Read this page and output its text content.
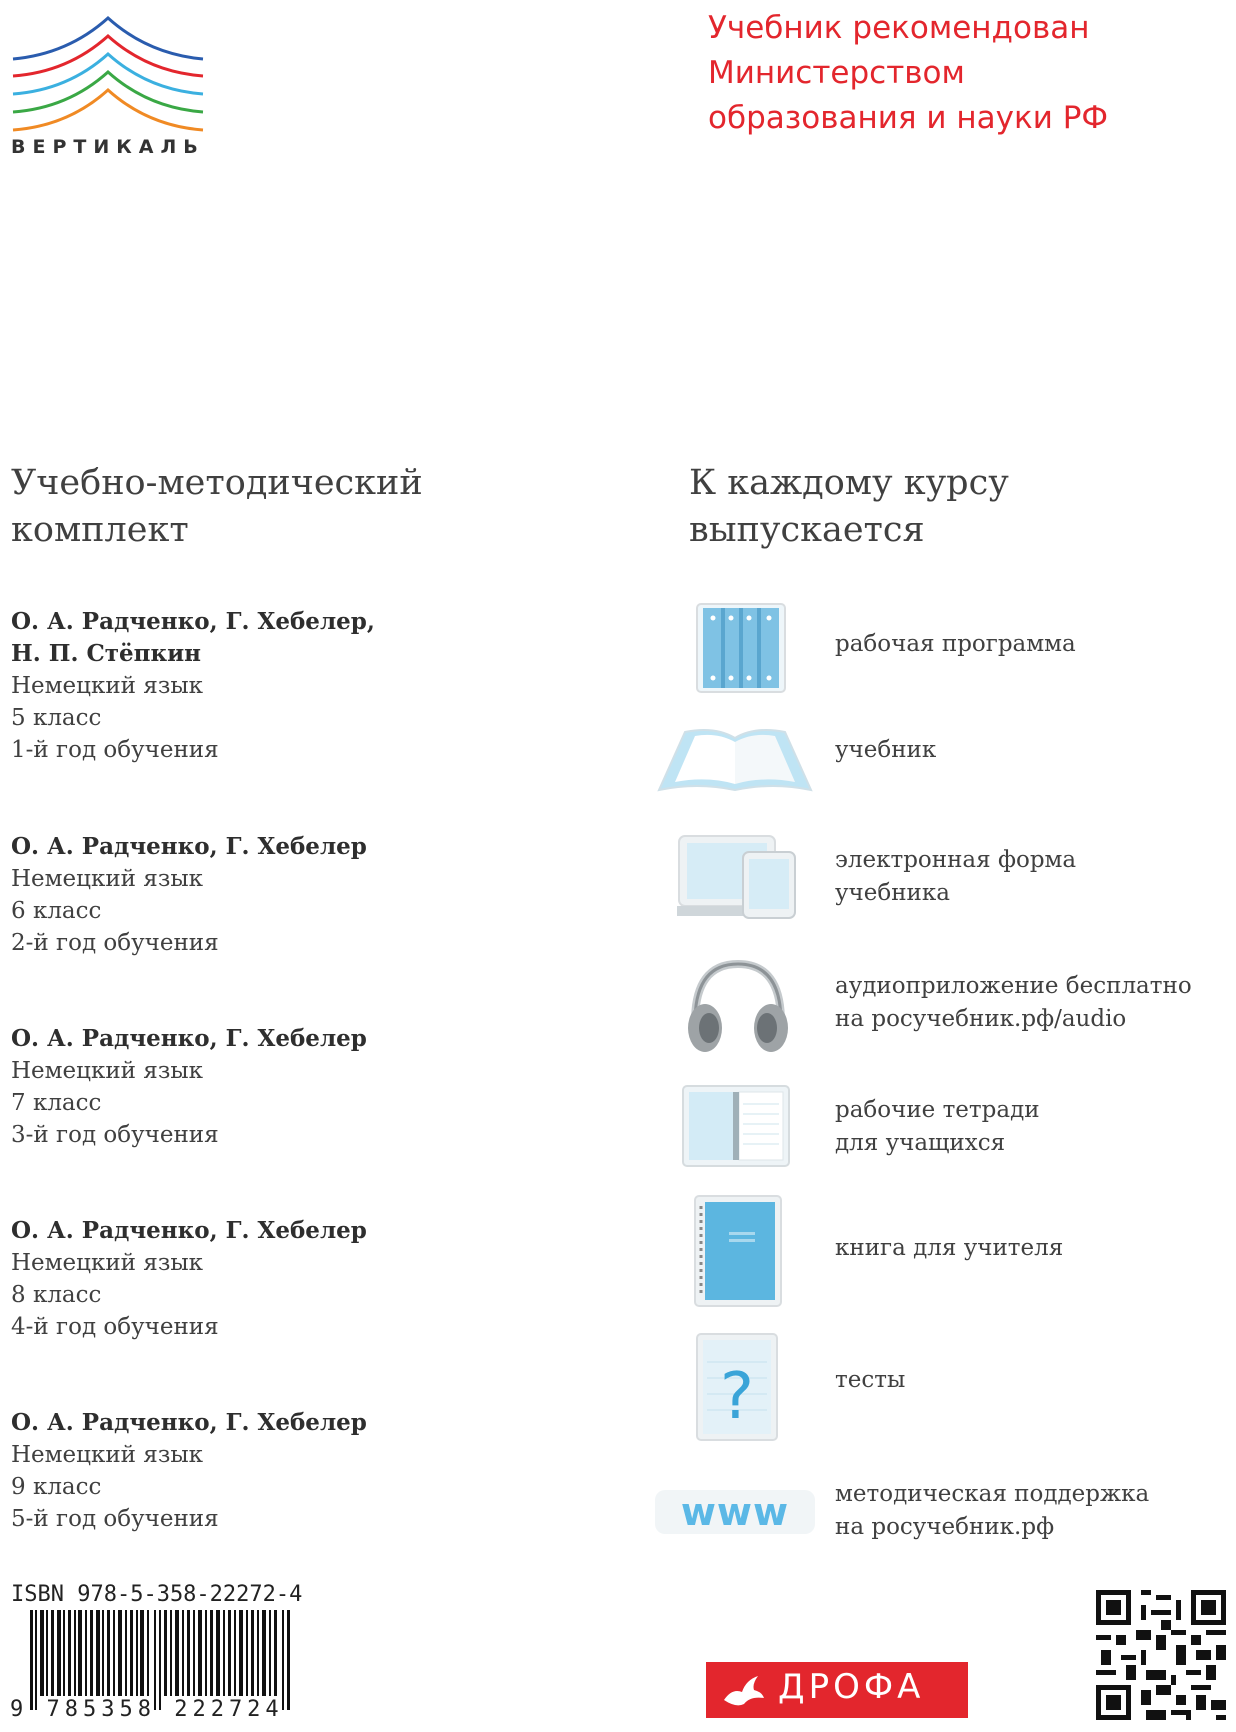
ВЕРТИКАЛЬ
Учебник рекомендован
Министерством
образования и науки РФ
Учебно-методический
комплект
К каждому курсу
выпускается
О. А. Радченко, Г. Хебелер,
Н. П. Стёпкин
Немецкий язык
5 класс
1-й год обучения
О. А. Радченко, Г. Хебелер
Немецкий язык
6 класс
2-й год обучения
О. А. Радченко, Г. Хебелер
Немецкий язык
7 класс
3-й год обучения
О. А. Радченко, Г. Хебелер
Немецкий язык
8 класс
4-й год обучения
О. А. Радченко, Г. Хебелер
Немецкий язык
9 класс
5-й год обучения
рабочая программа
учебник
электронная форма
учебника
аудиоприложение бесплатно
на росучебник.рф/audio
рабочие тетради
для учащихся
книга для учителя
?	тесты
www	методическая поддержка
на росучебник.рф
ISBN 978-5-358-22272-4
9 785358 222724
ДРОФА
